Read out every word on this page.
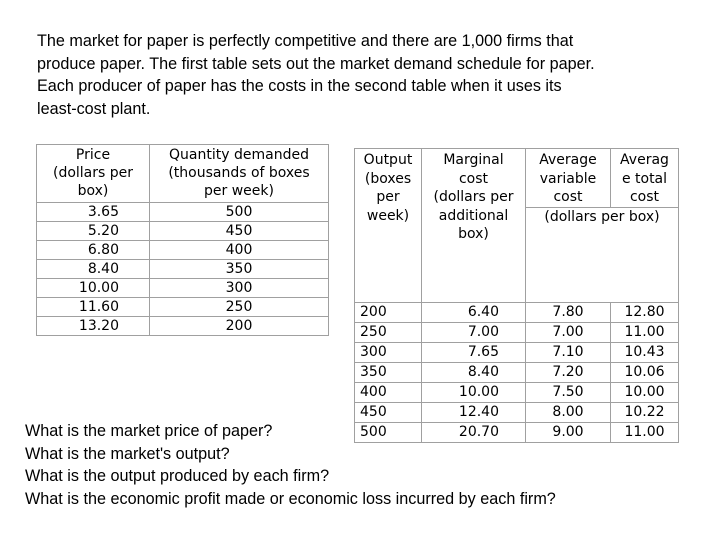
The market for paper is perfectly competitive and there are 1,000 firms that

produce paper. The first table sets out the market demand schedule for paper.

Each producer of paper has the costs in the second table when it uses its

least-cost plant.

Price
(dollars per
box)	Quantity demanded
(thousands of boxes
per week)

3.65	500
5.20	450
6.80	400
8.40	350
10.00	300
11.60	250
13.20	200
Output
(boxes
per
week)	Marginal
cost
(dollars per
additional
box)	Average
variable
cost	Averag
e total
cost

		(dollars per box)	
200	6.40	7.80	12.80
250	7.00	7.00	11.00
300	7.65	7.10	10.43
350	8.40	7.20	10.06
400	10.00	7.50	10.00
450	12.40	8.00	10.22
500	20.70	9.00	11.00

What is the market price of paper?

What is the market's output?

What is the output produced by each firm?

What is the economic profit made or economic loss incurred by each firm?
